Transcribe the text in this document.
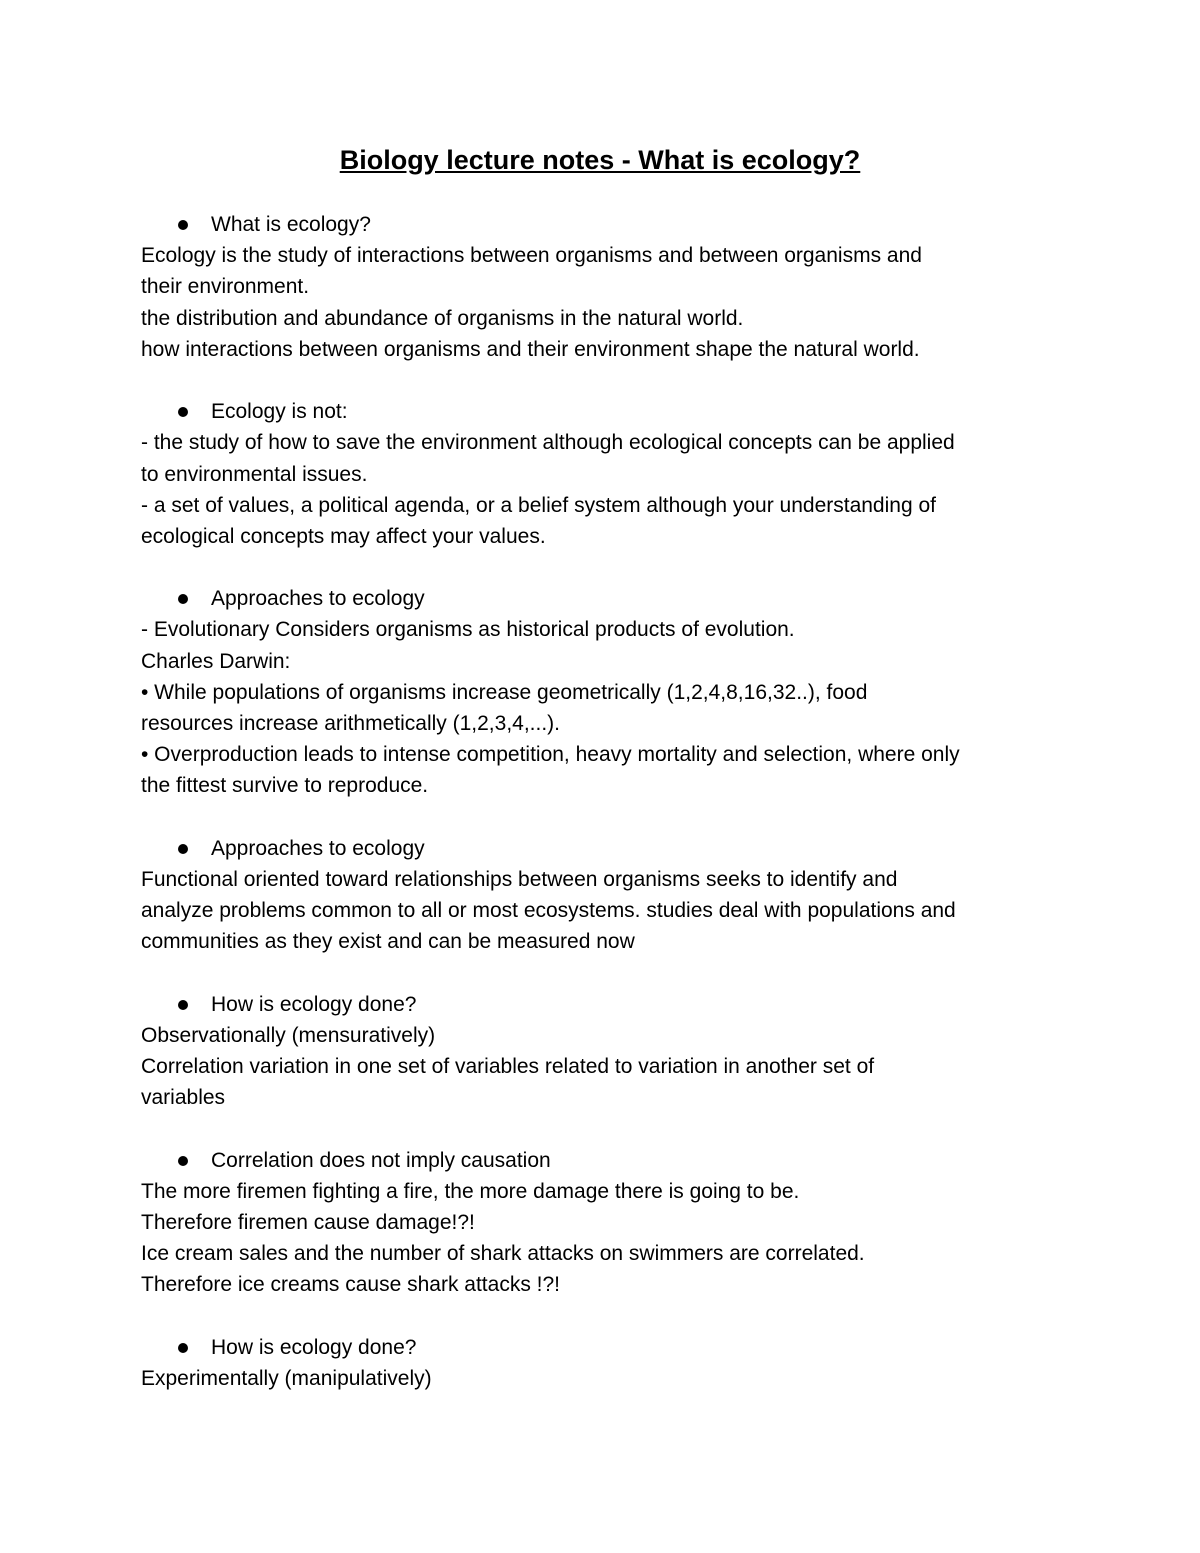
Biology lecture notes - What is ecology?
What is ecology?
Ecology is the study of interactions between organisms and between organisms and
their environment.
the distribution and abundance of organisms in the natural world.
how interactions between organisms and their environment shape the natural world.
Ecology is not:
- the study of how to save the environment although ecological concepts can be applied
to environmental issues.
- a set of values, a political agenda, or a belief system although your understanding of
ecological concepts may affect your values.
Approaches to ecology
- Evolutionary Considers organisms as historical products of evolution.
Charles Darwin:
• While populations of organisms increase geometrically (1,2,4,8,16,32..), food
resources increase arithmetically (1,2,3,4,...).
• Overproduction leads to intense competition, heavy mortality and selection, where only
the fittest survive to reproduce.
Approaches to ecology
Functional oriented toward relationships between organisms seeks to identify and
analyze problems common to all or most ecosystems. studies deal with populations and
communities as they exist and can be measured now
How is ecology done?
Observationally (mensuratively)
Correlation variation in one set of variables related to variation in another set of
variables
Correlation does not imply causation
The more firemen fighting a fire, the more damage there is going to be.
Therefore firemen cause damage!?!
Ice cream sales and the number of shark attacks on swimmers are correlated.
Therefore ice creams cause shark attacks !?!
How is ecology done?
Experimentally (manipulatively)
